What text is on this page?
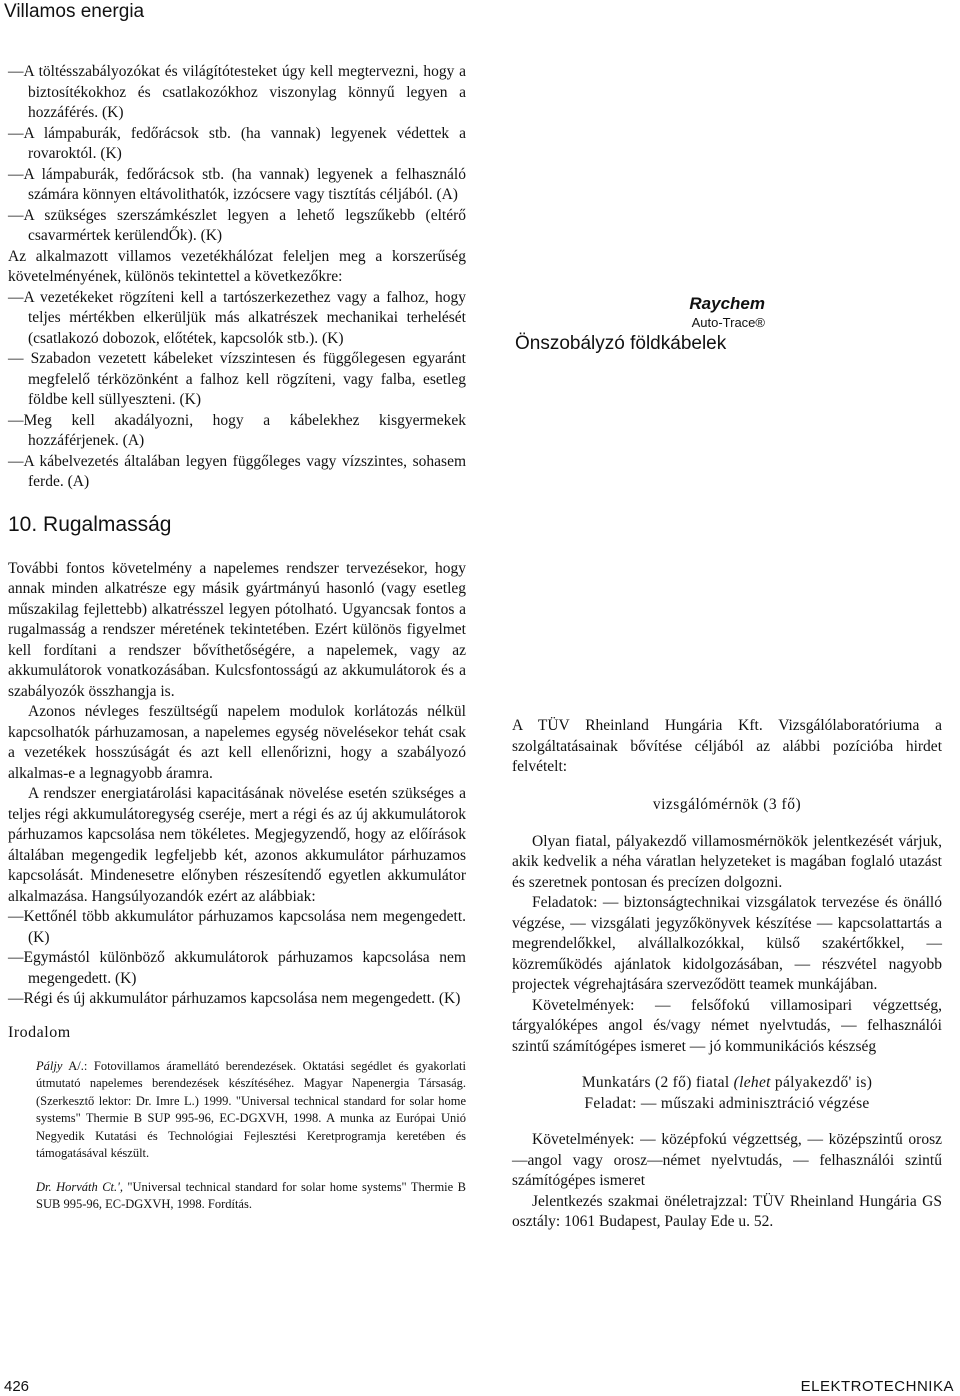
Villamos energia

—A töltésszabályozókat és világítótesteket úgy kell megtervezni, hogy a biztosítékokhoz és csatlakozókhoz viszonylag könnyű legyen a hozzáférés. (K)

—A lámpaburák, fedőrácsok stb. (ha vannak) legyenek védettek a rovaroktól. (K)

—A lámpaburák, fedőrácsok stb. (ha vannak) legyenek a felhasználó számára könnyen eltávolithatók, izzócsere vagy tisztítás céljából. (A)

—A szükséges szerszámkészlet legyen a lehető legszűkebb (eltérő csavarmértek kerülendŐk). (K)

Az alkalmazott villamos vezetékhálózat feleljen meg a korszerűség követelményének, különös tekintettel a következőkre:

—A vezetékeket rögzíteni kell a tartószerkezethez vagy a falhoz, hogy teljes mértékben elkerüljük más alkatrészek mechanikai terhelését (csatlakozó dobozok, előtétek, kapcsolók stb.). (K)

— Szabadon vezetett kábeleket vízszintesen és függőlegesen egyaránt megfelelő térközönként a falhoz kell rögzíteni, vagy falba, esetleg földbe kell süllyeszteni. (K)

—Meg kell akadályozni, hogy a kábelekhez kisgyermekek hozzáférjenek. (A)

—A kábelvezetés általában legyen függőleges vagy vízszintes, sohasem ferde. (A)

10. Rugalmasság

További fontos követelmény a napelemes rendszer tervezésekor, hogy annak minden alkatrésze egy másik gyártmányú hasonló (vagy esetleg műszakilag fejlettebb) alkatrésszel legyen pótolható. Ugyancsak fontos a rugalmasság a rendszer méretének tekintetében. Ezért különös figyelmet kell fordítani a rendszer bővíthetőségére, a napelemek, vagy az akkumulátorok vonatkozásában. Kulcsfontosságú az akkumulátorok és a szabályozók összhangja is.

Azonos névleges feszültségű napelem modulok korlátozás nélkül kapcsolhatók párhuzamosan, a napelemes egység növelésekor tehát csak a vezetékek hosszúságát és azt kell ellenőrizni, hogy a szabályozó alkalmas-e a legnagyobb áramra.

A rendszer energiatárolási kapacitásának növelése esetén szükséges a teljes régi akkumulátoregység cseréje, mert a régi és az új akkumulátorok párhuzamos kapcsolása nem tökéletes. Megjegyzendő, hogy az előírások általában megengedik legfeljebb két, azonos akkumulátor párhuzamos kapcsolását. Mindenesetre előnyben részesítendő egyetlen akkumulátor alkalmazása. Hangsúlyozandók ezért az alábbiak:

—Kettőnél több akkumulátor párhuzamos kapcsolása nem megengedett. (K)

—Egymástól különböző akkumulátorok párhuzamos kapcsolása nem megengedett. (K)

—Régi és új akkumulátor párhuzamos kapcsolása nem megengedett. (K)

Irodalom

Páljy A/.: Fotovillamos áramellátó berendezések. Oktatási segédlet és gyakorlati útmutató napelemes berendezések készítéséhez. Magyar Napenergia Társaság. (Szerkesztő lektor: Dr. Imre L.) 1999. "Universal technical standard for solar home systems" Thermie B SUP 995-96, EC-DGXVH, 1998. A munka az Európai Unió Negyedik Kutatási és Technológiai Fejlesztési Keretprogramja keretében és támogatásával készült.

Dr. Horváth Ct.', "Universal technical standard for solar home systems" Thermie B SUB 995-96, EC-DGXVH, 1998. Fordítás.

Raychem
Auto-Trace®
Önszobályzó földkábelek

A TÜV Rheinland Hungária Kft. Vizsgálólaboratóriuma a szolgáltatásainak bővítése céljából az alábbi pozícióba hirdet felvételt:

vizsgálómérnök (3 fő)

Olyan fiatal, pályakezdő villamosmérnökök jelentkezését várjuk, akik kedvelik a néha váratlan helyzeteket is magában foglaló utazást és szeretnek pontosan és precízen dolgozni.

Feladatok: — biztonságtechnikai vizsgálatok tervezése és önálló végzése, — vizsgálati jegyzőkönyvek készítése — kapcsolattartás a megrendelőkkel, alvállalkozókkal, külső szakértőkkel, — közreműködés ajánlatok kidolgozásában, — részvétel nagyobb projectek végrehajtására szerveződött teamek munkájában.

Követelmények: — felsőfokú villamosipari végzettség, tárgyalóképes angol és/vagy német nyelvtudás, — felhasználói szintű számítógépes ismeret — jó kommunikációs készség

Munkatárs (2 fő) fiatal (lehet pályakezdő' is)

Feladat: — műszaki adminisztráció végzése

Követelmények: — középfokú végzettség, — középszintű orosz—angol vagy orosz—német nyelvtudás, — felhasználói szintű számítógépes ismeret

Jelentkezés szakmai önéletrajzzal: TÜV Rheinland Hungária GS osztály: 1061 Budapest, Paulay Ede u. 52.

426	ELEKTROTECHNIKA
